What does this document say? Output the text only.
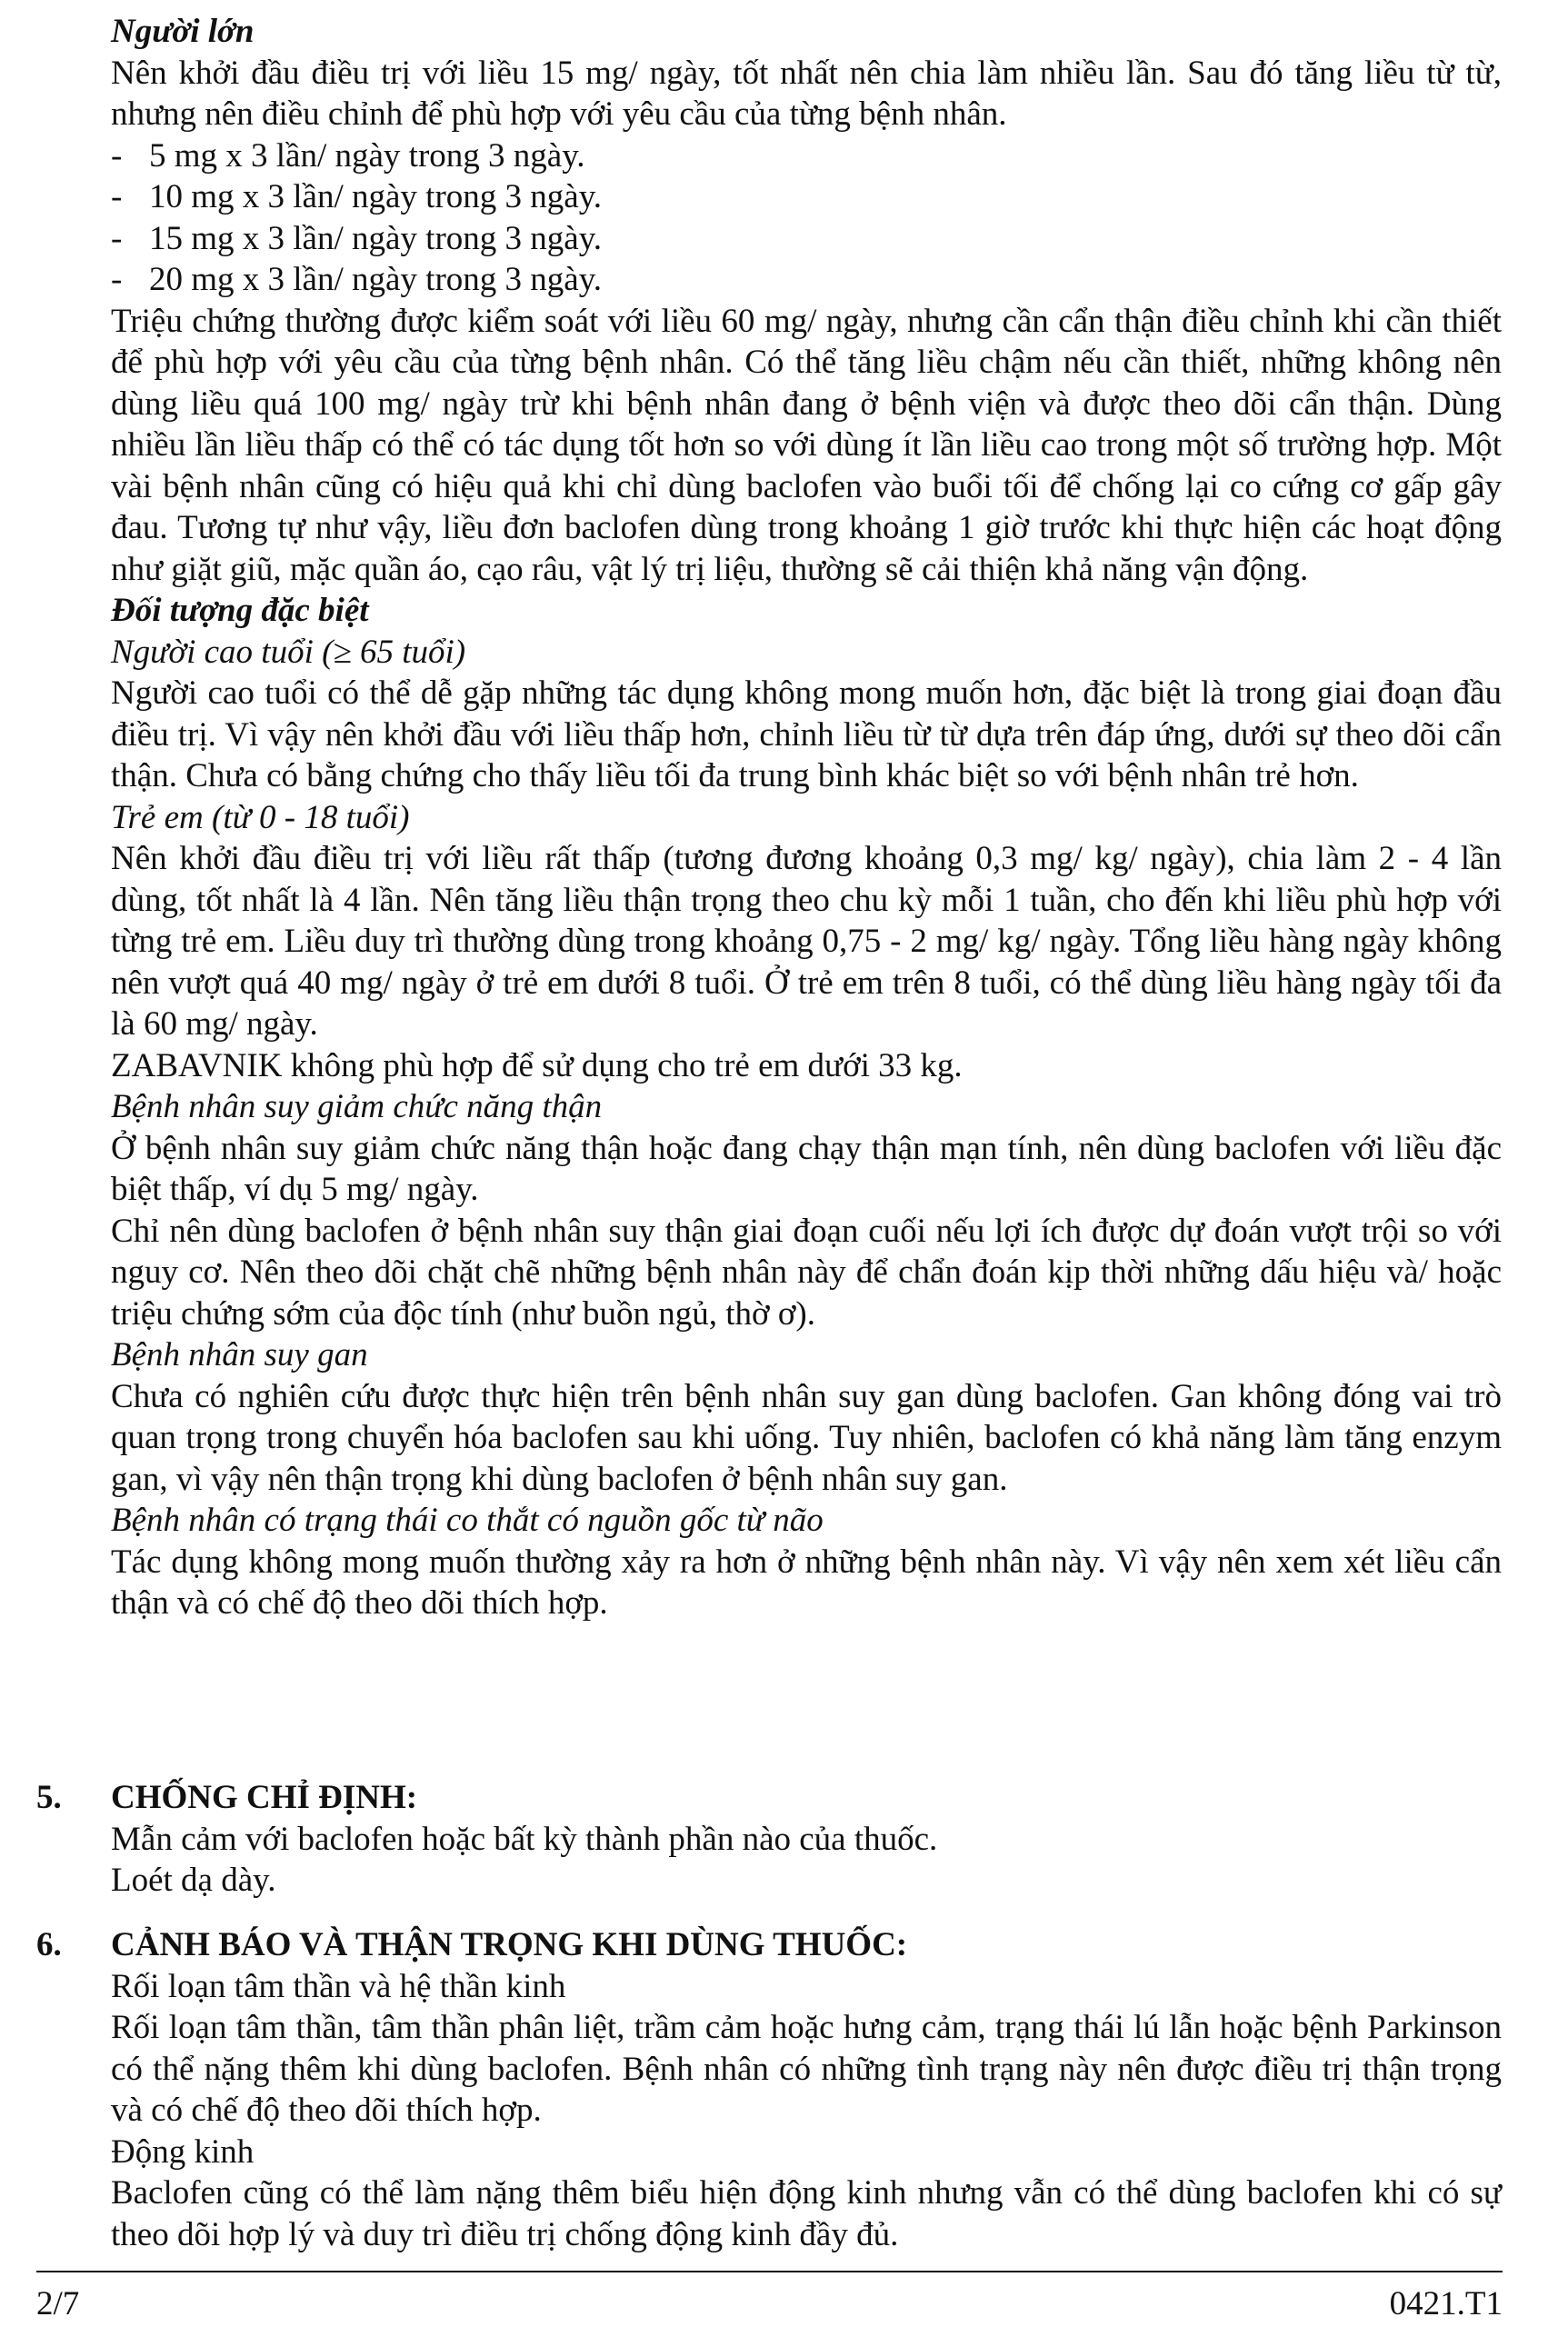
Người lớn

Nên khởi đầu điều trị với liều 15 mg/ ngày, tốt nhất nên chia làm nhiều lần. Sau đó tăng liều từ từ, nhưng nên điều chỉnh để phù hợp với yêu cầu của từng bệnh nhân.

- 5 mg x 3 lần/ ngày trong 3 ngày.
- 10 mg x 3 lần/ ngày trong 3 ngày.
- 15 mg x 3 lần/ ngày trong 3 ngày.
- 20 mg x 3 lần/ ngày trong 3 ngày.

Triệu chứng thường được kiểm soát với liều 60 mg/ ngày, nhưng cần cẩn thận điều chỉnh khi cần thiết để phù hợp với yêu cầu của từng bệnh nhân. Có thể tăng liều chậm nếu cần thiết, những không nên dùng liều quá 100 mg/ ngày trừ khi bệnh nhân đang ở bệnh viện và được theo dõi cẩn thận. Dùng nhiều lần liều thấp có thể có tác dụng tốt hơn so với dùng ít lần liều cao trong một số trường hợp. Một vài bệnh nhân cũng có hiệu quả khi chỉ dùng baclofen vào buổi tối để chống lại co cứng cơ gấp gây đau. Tương tự như vậy, liều đơn baclofen dùng trong khoảng 1 giờ trước khi thực hiện các hoạt động như giặt giũ, mặc quần áo, cạo râu, vật lý trị liệu, thường sẽ cải thiện khả năng vận động.

Đối tượng đặc biệt

Người cao tuổi (≥ 65 tuổi)

Người cao tuổi có thể dễ gặp những tác dụng không mong muốn hơn, đặc biệt là trong giai đoạn đầu điều trị. Vì vậy nên khởi đầu với liều thấp hơn, chỉnh liều từ từ dựa trên đáp ứng, dưới sự theo dõi cẩn thận. Chưa có bằng chứng cho thấy liều tối đa trung bình khác biệt so với bệnh nhân trẻ hơn.

Trẻ em (từ 0 - 18 tuổi)

Nên khởi đầu điều trị với liều rất thấp (tương đương khoảng 0,3 mg/ kg/ ngày), chia làm 2 - 4 lần dùng, tốt nhất là 4 lần. Nên tăng liều thận trọng theo chu kỳ mỗi 1 tuần, cho đến khi liều phù hợp với từng trẻ em. Liều duy trì thường dùng trong khoảng 0,75 - 2 mg/ kg/ ngày. Tổng liều hàng ngày không nên vượt quá 40 mg/ ngày ở trẻ em dưới 8 tuổi. Ở trẻ em trên 8 tuổi, có thể dùng liều hàng ngày tối đa là 60 mg/ ngày.

ZABAVNIK không phù hợp để sử dụng cho trẻ em dưới 33 kg.

Bệnh nhân suy giảm chức năng thận

Ở bệnh nhân suy giảm chức năng thận hoặc đang chạy thận mạn tính, nên dùng baclofen với liều đặc biệt thấp, ví dụ 5 mg/ ngày.

Chỉ nên dùng baclofen ở bệnh nhân suy thận giai đoạn cuối nếu lợi ích được dự đoán vượt trội so với nguy cơ. Nên theo dõi chặt chẽ những bệnh nhân này để chẩn đoán kịp thời những dấu hiệu và/ hoặc triệu chứng sớm của độc tính (như buồn ngủ, thờ ơ).

Bệnh nhân suy gan

Chưa có nghiên cứu được thực hiện trên bệnh nhân suy gan dùng baclofen. Gan không đóng vai trò quan trọng trong chuyển hóa baclofen sau khi uống. Tuy nhiên, baclofen có khả năng làm tăng enzym gan, vì vậy nên thận trọng khi dùng baclofen ở bệnh nhân suy gan.

Bệnh nhân có trạng thái co thắt có nguồn gốc từ não

Tác dụng không mong muốn thường xảy ra hơn ở những bệnh nhân này. Vì vậy nên xem xét liều cẩn thận và có chế độ theo dõi thích hợp.

5. CHỐNG CHỈ ĐỊNH:

Mẫn cảm với baclofen hoặc bất kỳ thành phần nào của thuốc.

Loét dạ dày.

6. CẢNH BÁO VÀ THẬN TRỌNG KHI DÙNG THUỐC:

Rối loạn tâm thần và hệ thần kinh

Rối loạn tâm thần, tâm thần phân liệt, trầm cảm hoặc hưng cảm, trạng thái lú lẫn hoặc bệnh Parkinson có thể nặng thêm khi dùng baclofen. Bệnh nhân có những tình trạng này nên được điều trị thận trọng và có chế độ theo dõi thích hợp.

Động kinh

Baclofen cũng có thể làm nặng thêm biểu hiện động kinh nhưng vẫn có thể dùng baclofen khi có sự theo dõi hợp lý và duy trì điều trị chống động kinh đầy đủ.

2/7	0421.T1
